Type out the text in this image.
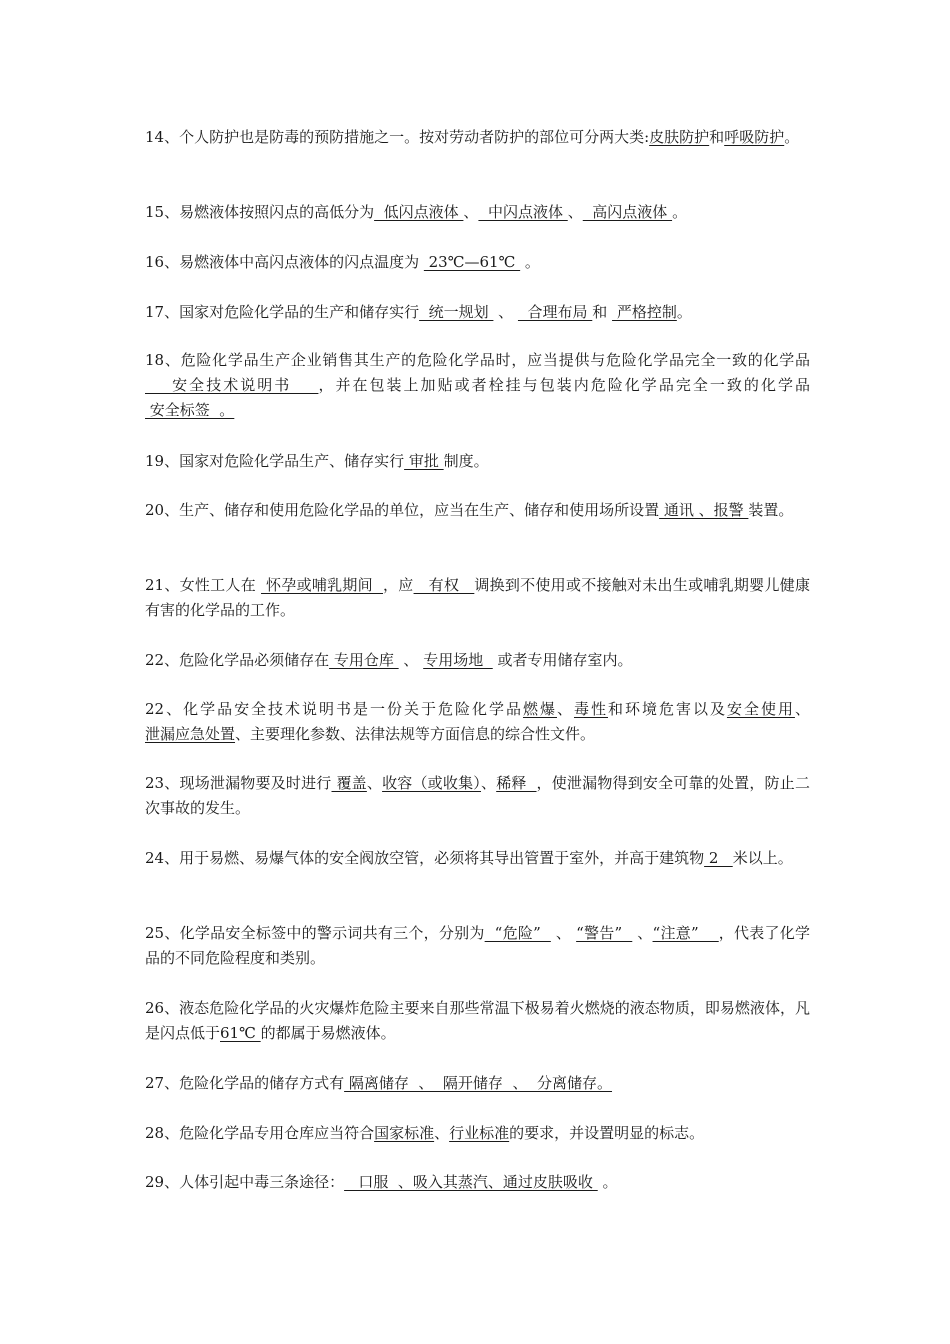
14、个人防护也是防毒的预防措施之一。按对劳动者防护的部位可分两大类:皮肤防护和呼吸防护。
15、易燃液体按照闪点的高低分为  低闪点液体 、  中闪点液体 、  高闪点液体 。
16、易燃液体中高闪点液体的闪点温度为  23℃—61℃  。
17、国家对危险化学品的生产和储存实行  统一规划  、   合理布局 和  严格控制。
18、危险化学品生产企业销售其生产的危险化学品时，应当提供与危险化学品完全一致的化学品    安全技术说明书    ，并在包装上加贴或者栓挂与包装内危险化学品完全一致的化学品 安全标签  。
19、国家对危险化学品生产、储存实行 审批 制度。
20、生产、储存和使用危险化学品的单位，应当在生产、储存和使用场所设置 通讯 、报警 装置。
21、女性工人在  怀孕或哺乳期间  ，应   有权   调换到不使用或不接触对未出生或哺乳期婴儿健康有害的化学品的工作。
22、危险化学品必须储存在 专用仓库  、 专用场地   或者专用储存室内。
22、化学品安全技术说明书是一份关于危险化学品燃爆、毒性和环境危害以及安全使用、泄漏应急处置、主要理化参数、法律法规等方面信息的综合性文件。
23、现场泄漏物要及时进行 覆盖、收容（或收集）、稀释  ，使泄漏物得到安全可靠的处置，防止二次事故的发生。
24、用于易燃、易爆气体的安全阀放空管，必须将其导出管置于室外，并高于建筑物 2   米以上。
25、化学品安全标签中的警示词共有三个，分别为  “危险”   、 “警告”   、“注意”    ，代表了化学品的不同危险程度和类别。
26、液态危险化学品的火灾爆炸危险主要来自那些常温下极易着火燃烧的液态物质，即易燃液体，凡是闪点低于61℃ 的都属于易燃液体。
27、危险化学品的储存方式有 隔离储存  、  隔开储存  、  分离储存。
28、危险化学品专用仓库应当符合国家标准、行业标准的要求，并设置明显的标志。
29、人体引起中毒三条途径：   口服  、吸入其蒸汽、通过皮肤吸收  。
